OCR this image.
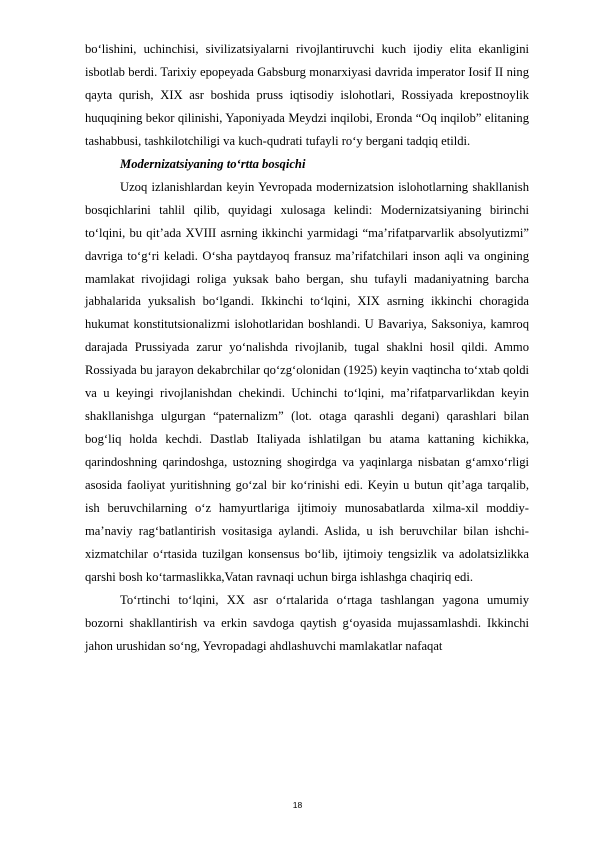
bo‘lishini, uchinchisi, sivilizatsiyalarni rivojlantiruvchi kuch ijodiy elita ekanligini isbotlab berdi. Tarixiy epopeyada Gabsburg monarxiyasi davrida imperator Iosif II ning qayta qurish, XIX asr boshida pruss iqtisodiy islohotlari, Rossiyada krepostnoylik huquqining bekor qilinishi, Yaponiyada Meydzi inqilobi, Eronda “Oq inqilob” elitaning tashabbusi, tashkilotchiligi va kuch-qudrati tufayli ro‘y bergani tadqiq etildi.

Modernizatsiyaning to‘rtta bosqichi

Uzoq izlanishlardan keyin Yevropada modernizatsion islohotlarning shakllanish bosqichlarini tahlil qilib, quyidagi xulosaga kelindi: Modernizatsiyaning birinchi to‘lqini, bu qit’ada XVIII asrning ikkinchi yarmidagi “ma’rifatparvarlik absolyutizmi” davriga to‘g‘ri keladi. O‘sha paytdayoq fransuz ma’rifatchilari inson aqli va ongining mamlakat rivojidagi roliga yuksak baho bergan, shu tufayli madaniyatning barcha jabhalarida yuksalish bo‘lgandi. Ikkinchi to‘lqini, XIX asrning ikkinchi choragida hukumat konstitutsionalizmi islohotlaridan boshlandi. U Bavariya, Saksoniya, kamroq darajada Prussiyada zarur yo‘nalishda rivojlanib, tugal shaklni hosil qildi. Ammo Rossiyada bu jarayon dekabrchilar qo‘zg‘olonidan (1925) keyin vaqtincha to‘xtab qoldi va u keyingi rivojlanishdan chekindi. Uchinchi to‘lqini, ma’rifatparvarlikdan keyin shakllanishga ulgurgan “paternalizm” (lot. otaga qarashli degani) qarashlari bilan bog‘liq holda kechdi. Dastlab Italiyada ishlatilgan bu atama kattaning kichikka, qarindoshning qarindoshga, ustozning shogirdga va yaqinlarga nisbatan g‘amxo‘rligi asosida faoliyat yuritishning go‘zal bir ko‘rinishi edi. Keyin u butun qit’aga tarqalib, ish beruvchilarning o‘z hamyurtlariga ijtimoiy munosabatlarda xilma-xil moddiy-ma’naviy rag‘batlantirish vositasiga aylandi. Aslida, u ish beruvchilar bilan ishchi-xizmatchilar o‘rtasida tuzilgan konsensus bo‘lib, ijtimoiy tengsizlik va adolatsizlikka qarshi bosh ko‘tarmaslikka,Vatan ravnaqi uchun birga ishlashga chaqiriq edi.

To‘rtinchi to‘lqini, XX asr o‘rtalarida o‘rtaga tashlangan yagona umumiy bozorni shakllantirish va erkin savdoga qaytish g‘oyasida mujassamlashdi. Ikkinchi jahon urushidan so‘ng, Yevropadagi ahdlashuvchi mamlakatlar nafaqat

18
